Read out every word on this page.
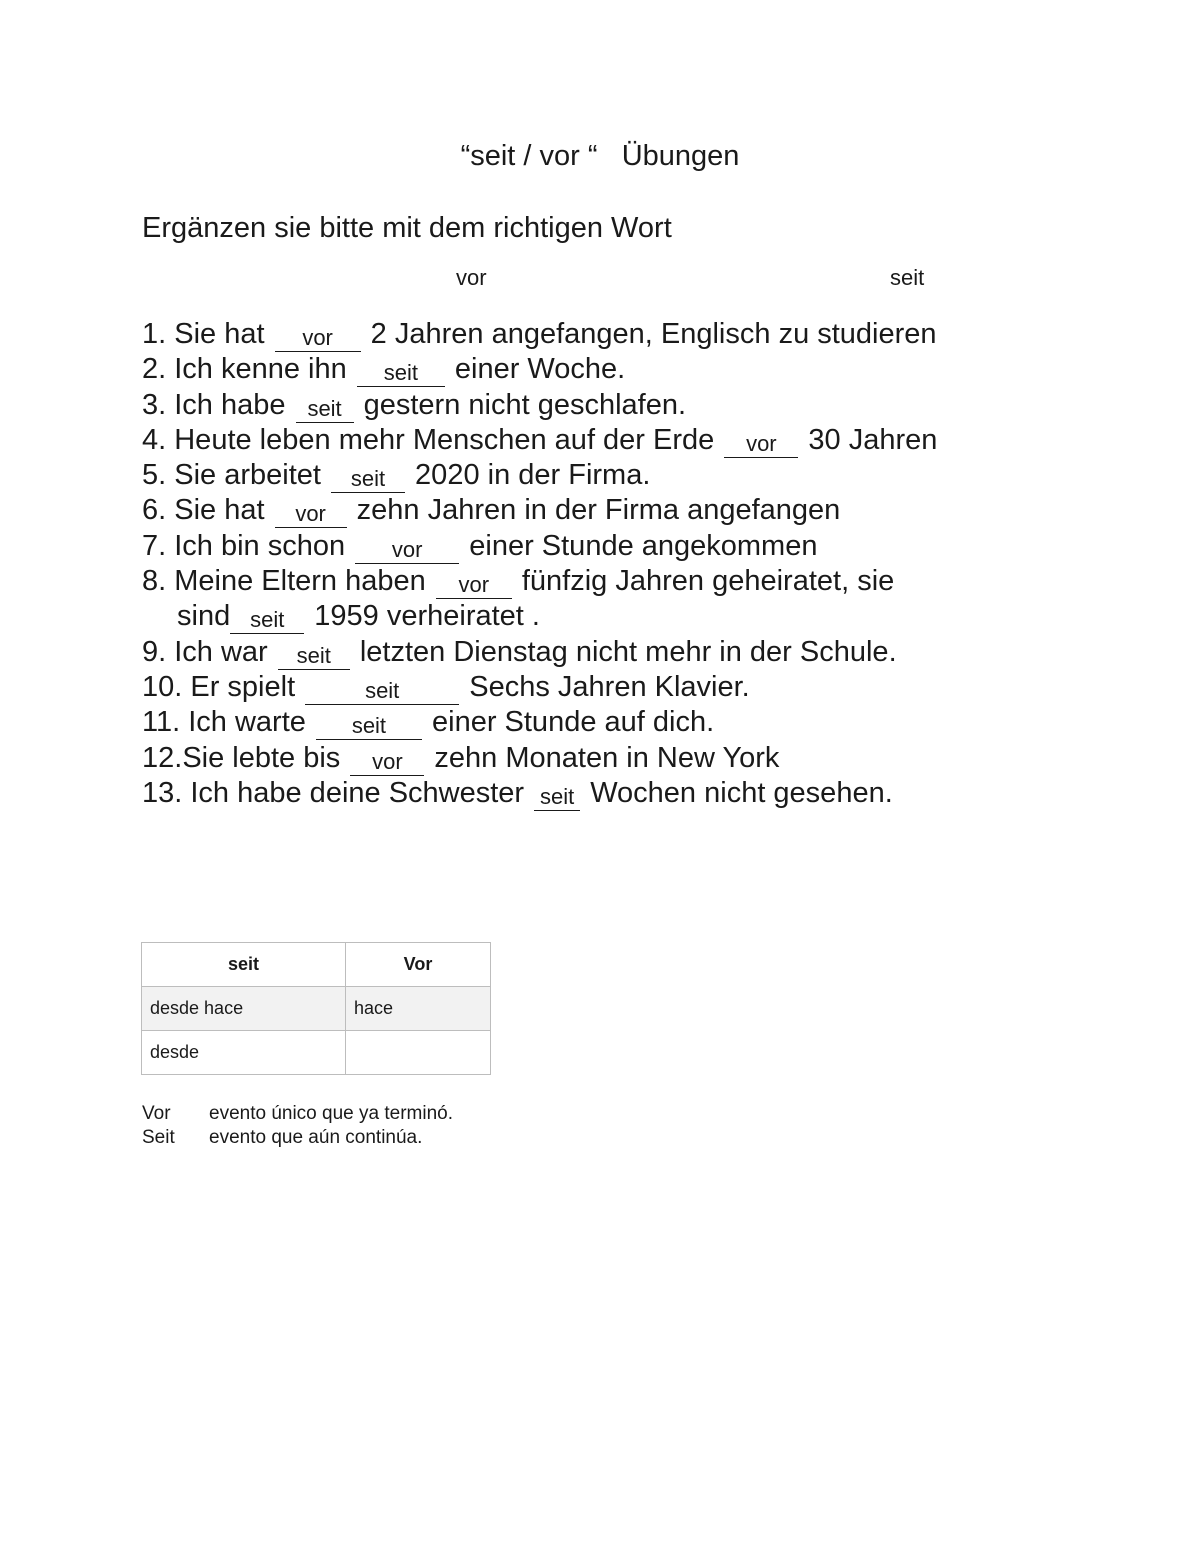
“seit / vor “   Übungen
Ergänzen sie bitte mit dem richtigen Wort
vor	seit
1. Sie hat vor 2 Jahren angefangen, Englisch zu studieren
2. Ich kenne ihn seit einer Woche.
3. Ich habe seit gestern nicht geschlafen.
4. Heute leben mehr Menschen auf der Erde vor 30 Jahren
5. Sie arbeitet seit 2020 in der Firma.
6. Sie hat vor zehn Jahren in der Firma angefangen
7. Ich bin schon vor einer Stunde angekommen
8. Meine Eltern haben vor fünfzig Jahren geheiratet, sie
sind seit 1959 verheiratet .
9. Ich war seit letzten Dienstag nicht mehr in der Schule.
10. Er spielt	seit Sechs Jahren Klavier.
11. Ich warte seit einer Stunde auf dich.
12.Sie lebte bis vor zehn Monaten in New York
13. Ich habe deine Schwester seit Wochen nicht gesehen.
seit	Vor
desde hace	hace
desde	
Vor evento único que ya terminó.
Seit evento que aún continúa.
